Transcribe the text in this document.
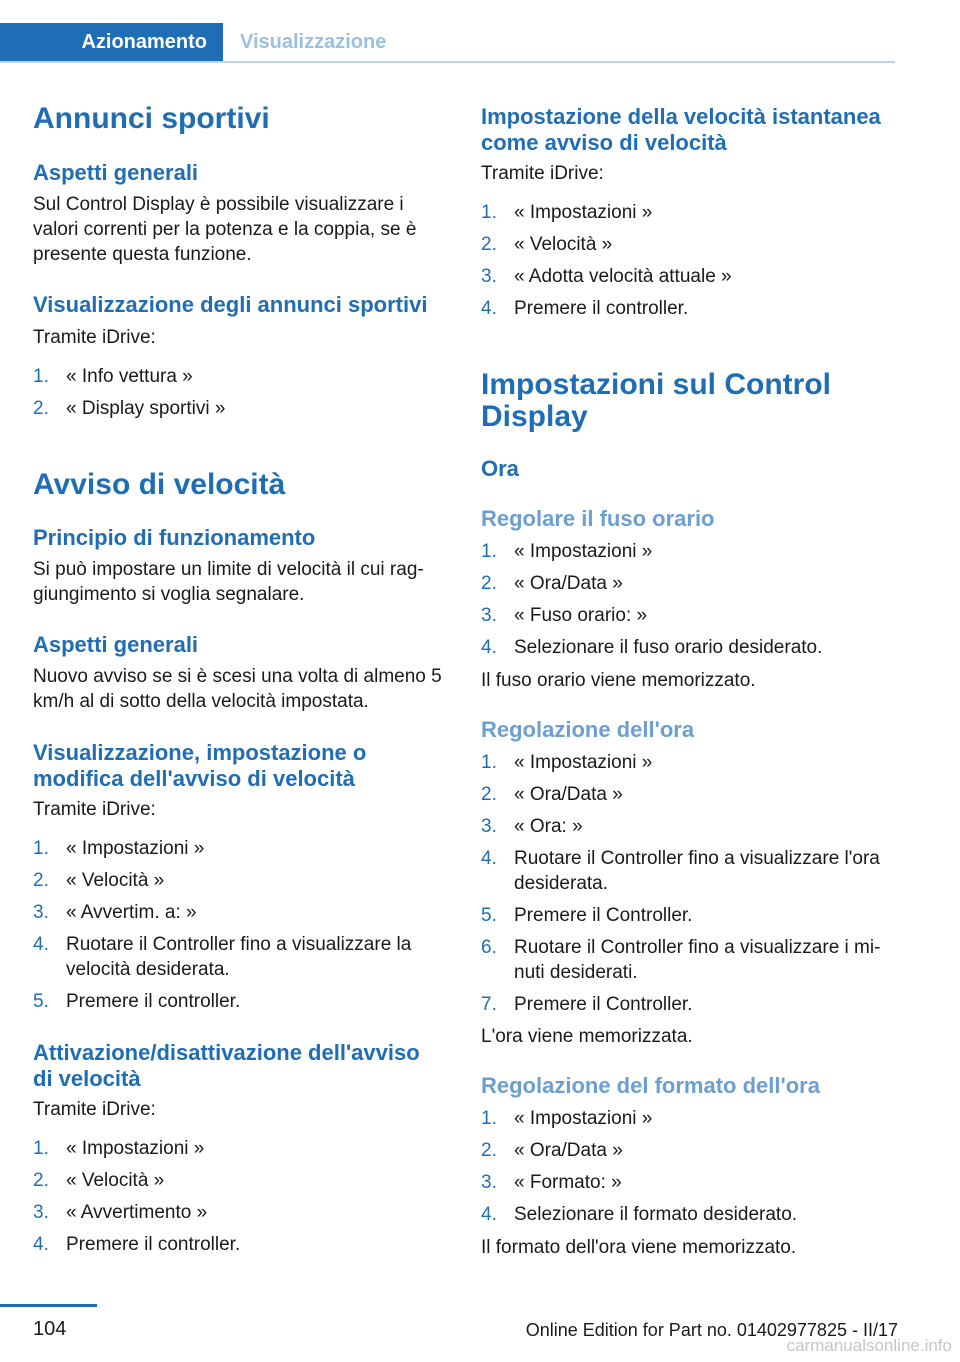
Azionamento	Visualizzazione
Annunci sportivi
Aspetti generali
Sul Control Display è possibile visualizzare i valori correnti per la potenza e la coppia, se è presente questa funzione.
Visualizzazione degli annunci sportivi
Tramite iDrive:
1. « Info vettura »
2. « Display sportivi »
Avviso di velocità
Principio di funzionamento
Si può impostare un limite di velocità il cui rag-giungimento si voglia segnalare.
Aspetti generali
Nuovo avviso se si è scesi una volta di almeno 5 km/h al di sotto della velocità impostata.
Visualizzazione, impostazione o modifica dell'avviso di velocità
Tramite iDrive:
1. « Impostazioni »
2. « Velocità »
3. « Avvertim. a: »
4. Ruotare il Controller fino a visualizzare la velocità desiderata.
5. Premere il controller.
Attivazione/disattivazione dell'avviso di velocità
Tramite iDrive:
1. « Impostazioni »
2. « Velocità »
3. « Avvertimento »
4. Premere il controller.
Impostazione della velocità istantanea come avviso di velocità
Tramite iDrive:
1. « Impostazioni »
2. « Velocità »
3. « Adotta velocità attuale »
4. Premere il controller.
Impostazioni sul Control Display
Ora
Regolare il fuso orario
1. « Impostazioni »
2. « Ora/Data »
3. « Fuso orario: »
4. Selezionare il fuso orario desiderato.
Il fuso orario viene memorizzato.
Regolazione dell'ora
1. « Impostazioni »
2. « Ora/Data »
3. « Ora: »
4. Ruotare il Controller fino a visualizzare l'ora desiderata.
5. Premere il Controller.
6. Ruotare il Controller fino a visualizzare i mi-nuti desiderati.
7. Premere il Controller.
L'ora viene memorizzata.
Regolazione del formato dell'ora
1. « Impostazioni »
2. « Ora/Data »
3. « Formato: »
4. Selezionare il formato desiderato.
Il formato dell'ora viene memorizzato.
104	Online Edition for Part no. 01402977825 - II/17
carmanualsonline.info
